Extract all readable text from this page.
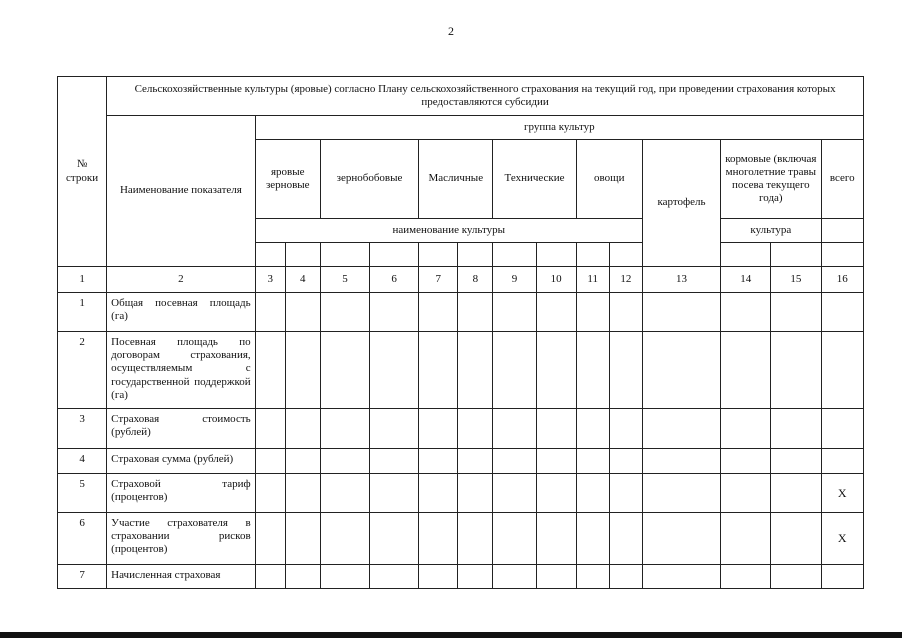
2
№ строки	Сельскохозяйственные культуры (яровые) согласно Плану сельскохозяйственного страхования на текущий год, при проведении страхования которых предоставляются субсидии														
	Наименование показателя	группа культур													
		яровые зерновые		зернобобовые		Масличные		Технические		овощи		картофель	кормовые (включая многолетние травы посева текущего года)		всего
		наименование культуры											культура		

1	2	3	4	5	6	7	8	9	10	11	12	13	14	15	16
1	Общая посевная площадь (га)														
2	Посевная площадь по договорам страхования, осуществляемым с государственной поддержкой (га)														
3	Страховая стоимость (рублей)														
4	Страховая сумма (рублей)														
5	Страховой тариф (процентов)														X
6	Участие страхователя в страховании рисков (процентов)														X
7	Начисленная страховая														
